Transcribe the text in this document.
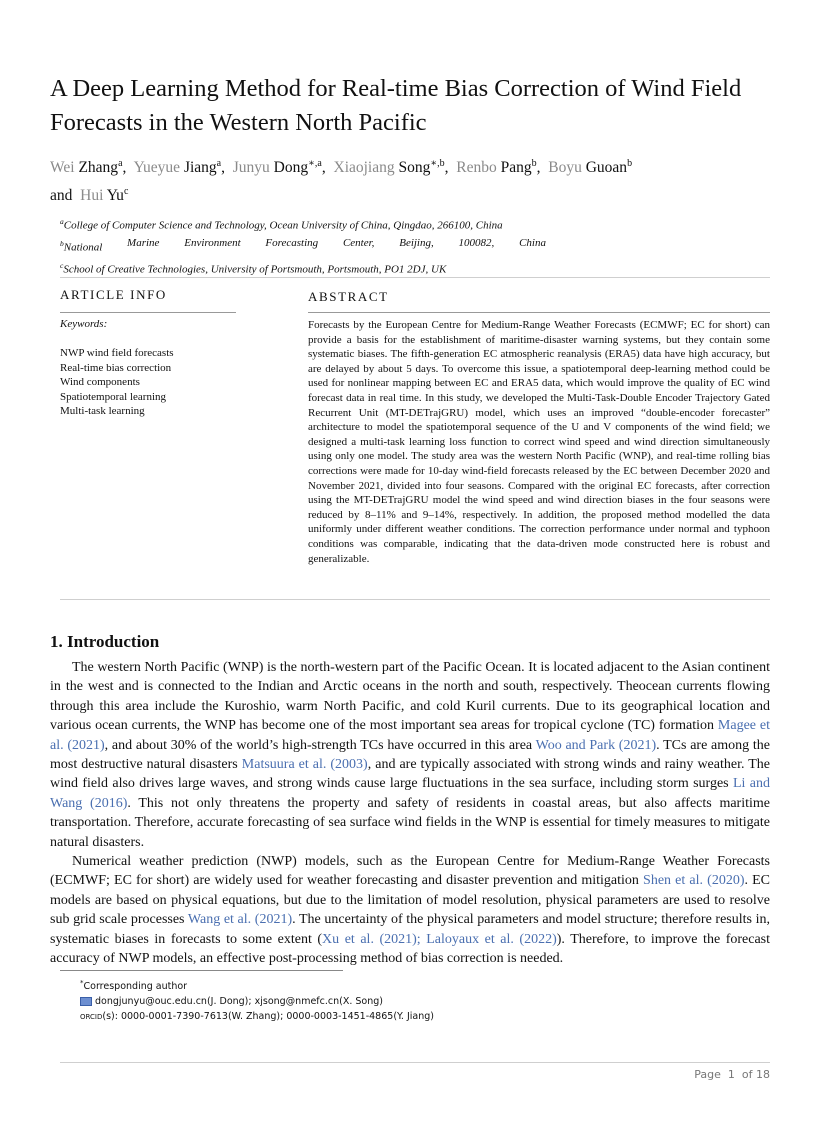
A Deep Learning Method for Real-time Bias Correction of Wind Field Forecasts in the Western North Pacific
Wei Zhang$^a$, Yueyue Jiang$^a$, Junyu Dong$^{∗,a}$, Xiaojiang Song$^{∗,b}$, Renbo Pang$^b$, Boyu Guoan$^b$
and Hui Yu$^c$
$^a$College of Computer Science and Technology, Ocean University of China, Qingdao, 266100, China
$^b$National Marine Environment Forecasting Center, Beijing, 100082, China
$^c$School of Creative Technologies, University of Portsmouth, Portsmouth, PO1 2DJ, UK
ARTICLE INFO	ABSTRACT
Keywords:
NWP wind field forecasts
Real-time bias correction
Wind components
Spatiotemporal learning
Multi-task learning
Forecasts by the European Centre for Medium-Range Weather Forecasts (ECMWF; EC for short) can provide a basis for the establishment of maritime-disaster warning systems, but they contain some systematic biases. The fifth-generation EC atmospheric reanalysis (ERA5) data have high accuracy, but are delayed by about 5 days. To overcome this issue, a spatiotemporal deep-learning method could be used for nonlinear mapping between EC and ERA5 data, which would improve the quality of EC wind forecast data in real time. In this study, we developed the Multi-Task-Double Encoder Trajectory Gated Recurrent Unit (MT-DETrajGRU) model, which uses an improved “double-encoder forecaster” architecture to model the spatiotemporal sequence of the U and V components of the wind field; we designed a multi-task learning loss function to correct wind speed and wind direction simultaneously using only one model. The study area was the western North Pacific (WNP), and real-time rolling bias corrections were made for 10-day wind-field forecasts released by the EC between December 2020 and November 2021, divided into four seasons. Compared with the original EC forecasts, after correction using the MT-DETrajGRU model the wind speed and wind direction biases in the four seasons were reduced by 8–11% and 9–14%, respectively. In addition, the proposed method modelled the data uniformly under different weather conditions. The correction performance under normal and typhoon conditions was comparable, indicating that the data-driven mode constructed here is robust and generalizable.
1. Introduction

The western North Pacific (WNP) is the north-western part of the Pacific Ocean. It is located adjacent to the Asian continent in the west and is connected to the Indian and Arctic oceans in the north and south, respectively. Theocean currents flowing through this area include the Kuroshio, warm North Pacific, and cold Kuril currents. Due to its geographical location and various ocean currents, the WNP has become one of the most important sea areas for tropical cyclone (TC) formation Magee et al. (2021), and about 30% of the world’s high-strength TCs have occurred in this area Woo and Park (2021). TCs are among the most destructive natural disasters Matsuura et al. (2003), and are typically associated with strong winds and rainy weather. The wind field also drives large waves, and strong winds cause large fluctuations in the sea surface, including storm surges Li and Wang (2016). This not only threatens the property and safety of residents in coastal areas, but also affects maritime transportation. Therefore, accurate forecasting of sea surface wind fields in the WNP is essential for timely measures to mitigate natural disasters.

Numerical weather prediction (NWP) models, such as the European Centre for Medium-Range Weather Forecasts (ECMWF; EC for short) are widely used for weather forecasting and disaster prevention and mitigation Shen et al. (2020). EC models are based on physical equations, but due to the limitation of model resolution, physical parameters are used to resolve sub grid scale processes Wang et al. (2021). The uncertainty of the physical parameters and model structure; therefore results in, systematic biases in forecasts to some extent (Xu et al. (2021); Laloyaux et al. (2022)). Therefore, to improve the forecast accuracy of NWP models, an effective post-processing method of bias correction is needed.

*Corresponding author
dongjunyu@ouc.edu.cn(J. Dong); xjsong@nmefc.cn(X. Song)
ORCID(s): 0000-0001-7390-7613(W. Zhang); 0000-0003-1451-4865(Y. Jiang)
Page 1 of 18
